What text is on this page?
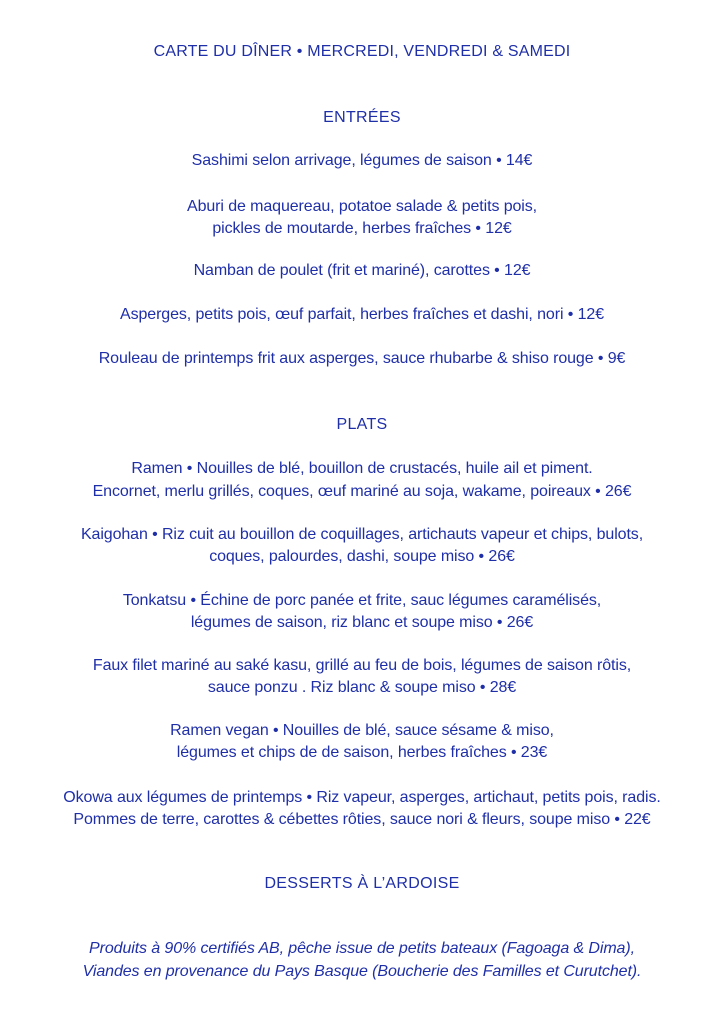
CARTE DU DÎNER • MERCREDI, VENDREDI & SAMEDI
ENTRÉES
Sashimi selon arrivage, légumes de saison • 14€
Aburi de maquereau, potatoe salade & petits pois,
pickles de moutarde, herbes fraîches • 12€
Namban de poulet (frit et mariné), carottes • 12€
Asperges, petits pois, œuf parfait, herbes fraîches et dashi, nori • 12€
Rouleau de printemps frit aux asperges, sauce rhubarbe & shiso rouge • 9€
PLATS
Ramen • Nouilles de blé, bouillon de crustacés, huile ail et piment.
Encornet, merlu grillés, coques, œuf mariné au soja, wakame, poireaux • 26€
Kaigohan • Riz cuit au bouillon de coquillages, artichauts vapeur et chips, bulots,
coques, palourdes, dashi, soupe miso • 26€
Tonkatsu • Échine de porc panée et frite, sauc légumes caramélisés,
légumes de saison, riz blanc et soupe miso • 26€
Faux filet mariné au saké kasu, grillé au feu de bois, légumes de saison rôtis,
sauce ponzu . Riz blanc & soupe miso • 28€
Ramen vegan • Nouilles de blé, sauce sésame & miso,
légumes et chips de de saison, herbes fraîches • 23€
Okowa aux légumes de printemps • Riz vapeur, asperges, artichaut, petits pois, radis.
Pommes de terre, carottes & cébettes rôties, sauce nori & fleurs, soupe miso • 22€
DESSERTS À L’ARDOISE
Produits à 90% certifiés AB, pêche issue de petits bateaux (Fagoaga & Dima),
Viandes en provenance du Pays Basque (Boucherie des Familles et Curutchet).
